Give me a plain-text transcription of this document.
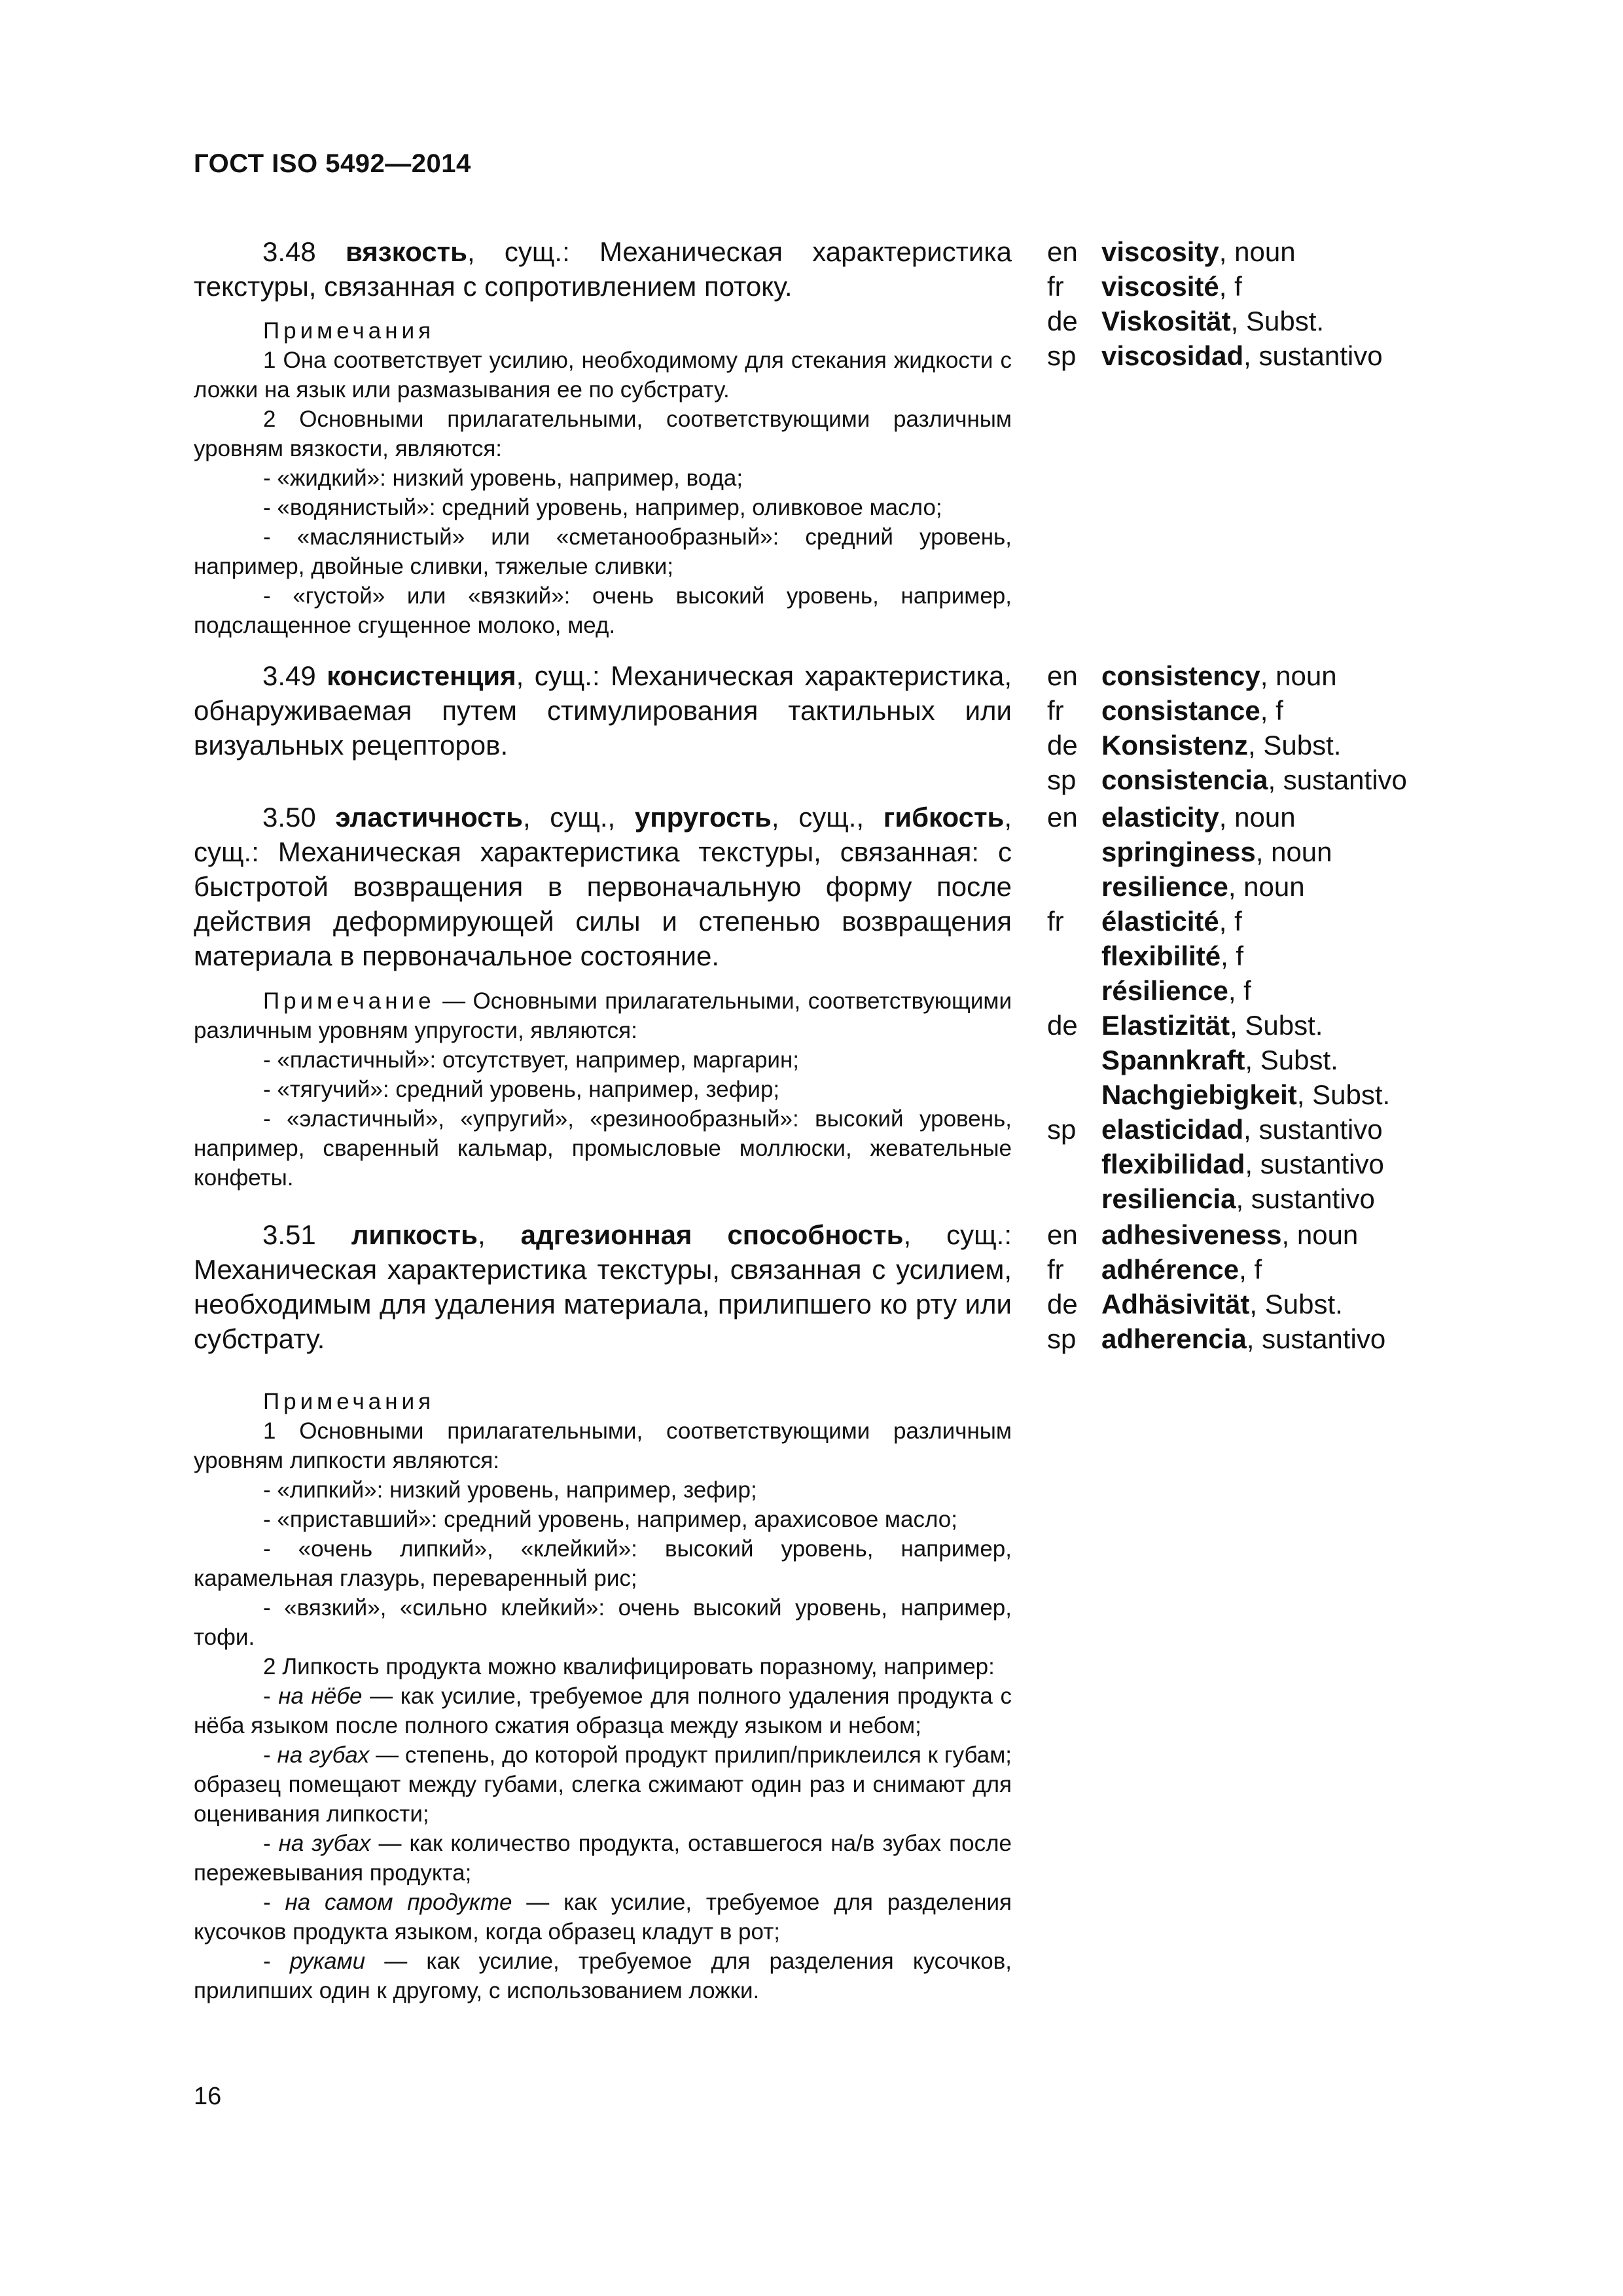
ГОСТ ISO 5492—2014

3.48 вязкость, сущ.: Механическая характеристика текстуры, связанная с сопротивлением потоку.

Примечания

1 Она соответствует усилию, необходимому для стекания жидкости с ложки на язык или размазывания ее по субстрату.

2 Основными прилагательными, соответствующими различным уровням вязкости, являются:

- «жидкий»: низкий уровень, например, вода;

- «водянистый»: средний уровень, например, оливковое масло;

- «маслянистый» или «сметанообразный»: средний уровень, например, двойные сливки, тяжелые сливки;

- «густой» или «вязкий»: очень высокий уровень, например, подслащенное сгущенное молоко, мед.

en viscosity, noun
fr viscosité, f
de Viskosität, Subst.
sp viscosidad, sustantivo

3.49 консистенция, сущ.: Механическая характеристика, обнаруживаемая путем стимулирования тактильных или визуальных рецепторов.

en consistency, noun
fr consistance, f
de Konsistenz, Subst.
sp consistencia, sustantivo

3.50 эластичность, сущ., упругость, сущ., гибкость, сущ.: Механическая характеристика текстуры, связанная: с быстротой возвращения в первоначальную форму после действия деформирующей силы и степенью возвращения материала в первоначальное состояние.

Примечание — Основными прилагательными, соответствующими различным уровням упругости, являются:

- «пластичный»: отсутствует, например, маргарин;

- «тягучий»: средний уровень, например, зефир;

- «эластичный», «упругий», «резинообразный»: высокий уровень, например, сваренный кальмар, промысловые моллюски, жевательные конфеты.

en elasticity, noun
springiness, noun
resilience, noun
fr élasticité, f
flexibilité, f
résilience, f
de Elastizität, Subst.
Spannkraft, Subst.
Nachgiebigkeit, Subst.
sp elasticidad, sustantivo
flexibilidad, sustantivo
resiliencia, sustantivo

3.51 липкость, адгезионная способность, сущ.: Механическая характеристика текстуры, связанная с усилием, необходимым для удаления материала, прилипшего ко рту или субстрату.

Примечания

1 Основными прилагательными, соответствующими различным уровням липкости являются:

- «липкий»: низкий уровень, например, зефир;

- «приставший»: средний уровень, например, арахисовое масло;

- «очень липкий», «клейкий»: высокий уровень, например, карамельная глазурь, переваренный рис;

- «вязкий», «сильно клейкий»: очень высокий уровень, например, тофи.

2 Липкость продукта можно квалифицировать поразному, например:

- на нёбе — как усилие, требуемое для полного удаления продукта с нёба языком после полного сжатия образца между языком и небом;

- на губах — степень, до которой продукт прилип/приклеился к губам; образец помещают между губами, слегка сжимают один раз и снимают для оценивания липкости;

- на зубах — как количество продукта, оставшегося на/в зубах после пережевывания продукта;

- на самом продукте — как усилие, требуемое для разделения кусочков продукта языком, когда образец кладут в рот;

- руками — как усилие, требуемое для разделения кусочков, прилипших один к другому, с использованием ложки.

en adhesiveness, noun
fr adhérence, f
de Adhäsivität, Subst.
sp adherencia, sustantivo
16
